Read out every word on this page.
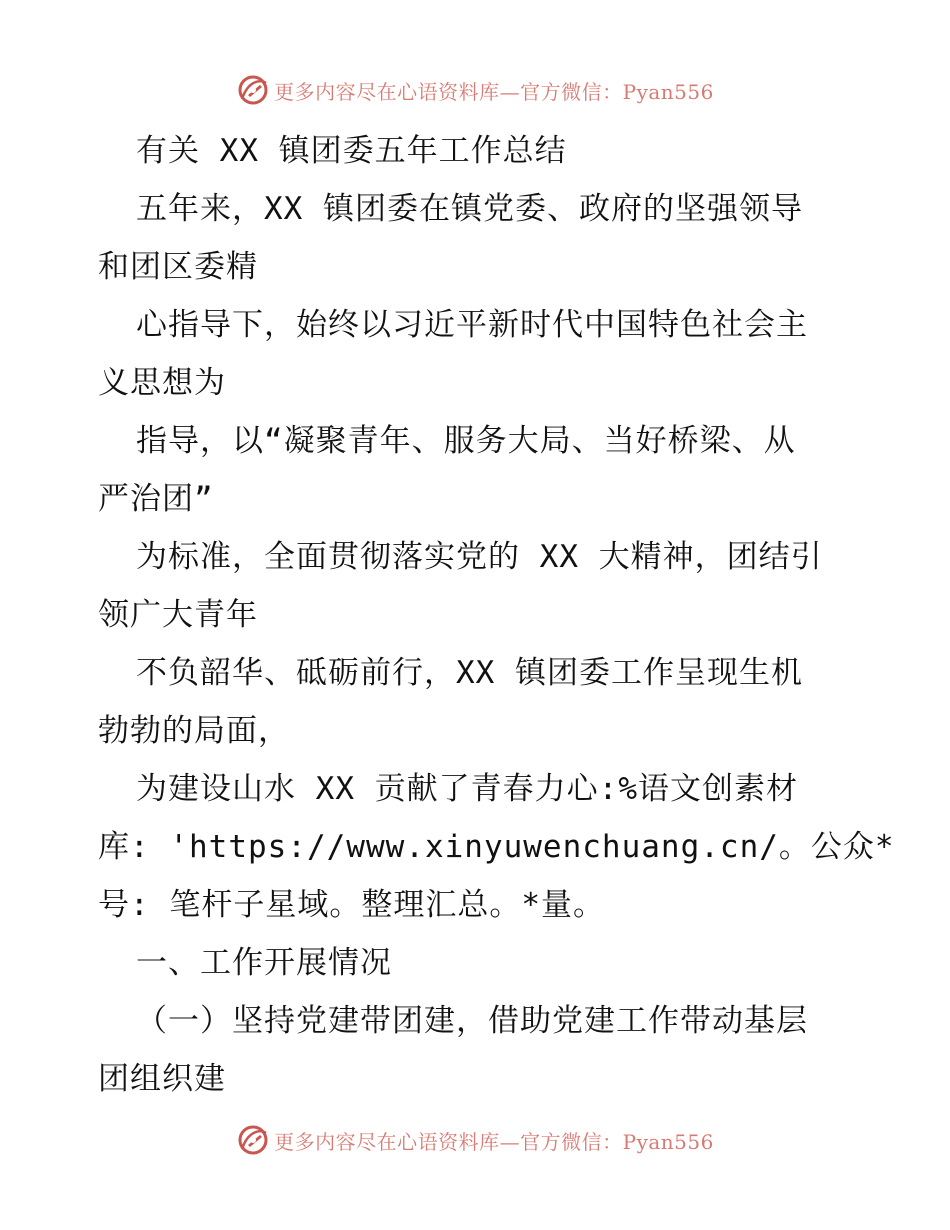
更多内容尽在心语资料库—官方微信：Pyan556
有关 XX 镇团委五年工作总结
五年来，XX 镇团委在镇党委、政府的坚强领导
和团区委精
心指导下，始终以习近平新时代中国特色社会主
义思想为
指导，以“凝聚青年、服务大局、当好桥梁、从
严治团”
为标准，全面贯彻落实党的 XX 大精神，团结引
领广大青年
不负韶华、砥砺前行，XX 镇团委工作呈现生机
勃勃的局面，
为建设山水 XX 贡献了青春力心:%语文创素材
库: 'https://www.xinyuwenchuang.cn/。公众*
号: 笔杆子星域。整理汇总。*量。
一、工作开展情况
（一）坚持党建带团建，借助党建工作带动基层
团组织建
更多内容尽在心语资料库—官方微信：Pyan556
